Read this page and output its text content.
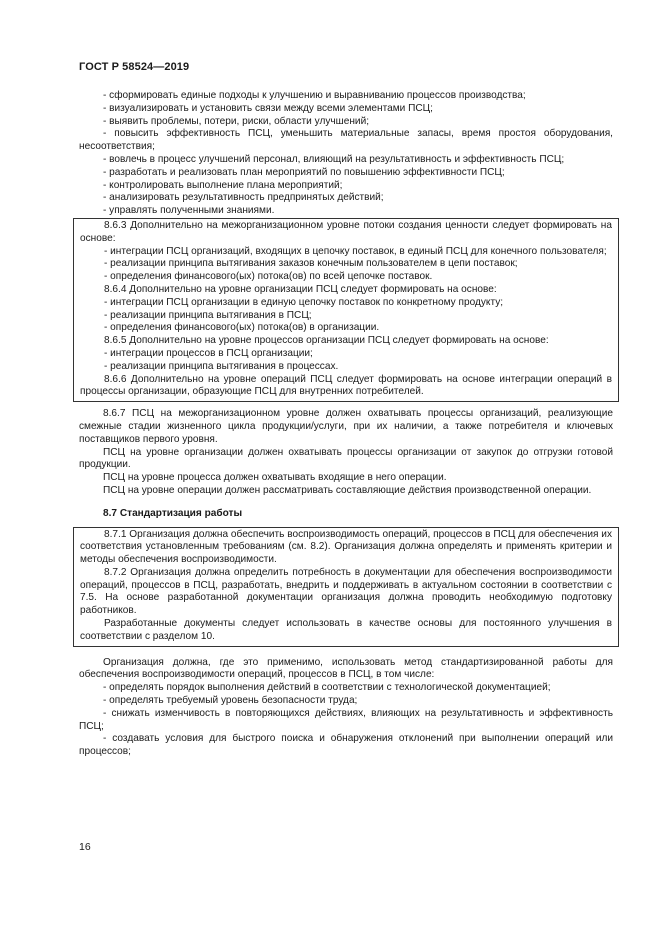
ГОСТ Р 58524—2019
- сформировать единые подходы к улучшению и выравниванию процессов производства;
- визуализировать и установить связи между всеми элементами ПСЦ;
- выявить проблемы, потери, риски, области улучшений;
- повысить эффективность ПСЦ, уменьшить материальные запасы, время простоя оборудования, несоответствия;
- вовлечь в процесс улучшений персонал, влияющий на результативность и эффективность ПСЦ;
- разработать и реализовать план мероприятий по повышению эффективности ПСЦ;
- контролировать выполнение плана мероприятий;
- анализировать результативность предпринятых действий;
- управлять полученными знаниями.
8.6.3 Дополнительно на межорганизационном уровне потоки создания ценности следует формировать на основе:
- интеграции ПСЦ организаций, входящих в цепочку поставок, в единый ПСЦ для конечного пользователя;
- реализации принципа вытягивания заказов конечным пользователем в цепи поставок;
- определения финансового(ых) потока(ов) по всей цепочке поставок.
8.6.4 Дополнительно на уровне организации ПСЦ следует формировать на основе:
- интеграции ПСЦ организации в единую цепочку поставок по конкретному продукту;
- реализации принципа вытягивания в ПСЦ;
- определения финансового(ых) потока(ов) в организации.
8.6.5 Дополнительно на уровне процессов организации ПСЦ следует формировать на основе:
- интеграции процессов в ПСЦ организации;
- реализации принципа вытягивания в процессах.
8.6.6 Дополнительно на уровне операций ПСЦ следует формировать на основе интеграции операций в процессы организации, образующие ПСЦ для внутренних потребителей.
8.6.7 ПСЦ на межорганизационном уровне должен охватывать процессы организаций, реализующие смежные стадии жизненного цикла продукции/услуги, при их наличии, а также потребителя и ключевых поставщиков первого уровня.
ПСЦ на уровне организации должен охватывать процессы организации от закупок до отгрузки готовой продукции.
ПСЦ на уровне процесса должен охватывать входящие в него операции.
ПСЦ на уровне операции должен рассматривать составляющие действия производственной операции.
8.7 Стандартизация работы
8.7.1 Организация должна обеспечить воспроизводимость операций, процессов в ПСЦ для обеспечения их соответствия установленным требованиям (см. 8.2). Организация должна определять и применять критерии и методы обеспечения воспроизводимости.
8.7.2 Организация должна определить потребность в документации для обеспечения воспроизводимости операций, процессов в ПСЦ, разработать, внедрить и поддерживать в актуальном состоянии в соответствии с 7.5. На основе разработанной документации организация должна проводить необходимую подготовку работников.
Разработанные документы следует использовать в качестве основы для постоянного улучшения в соответствии с разделом 10.
Организация должна, где это применимо, использовать метод стандартизированной работы для обеспечения воспроизводимости операций, процессов в ПСЦ, в том числе:
- определять порядок выполнения действий в соответствии с технологической документацией;
- определять требуемый уровень безопасности труда;
- снижать изменчивость в повторяющихся действиях, влияющих на результативность и эффективность ПСЦ;
- создавать условия для быстрого поиска и обнаружения отклонений при выполнении операций или процессов;
16
